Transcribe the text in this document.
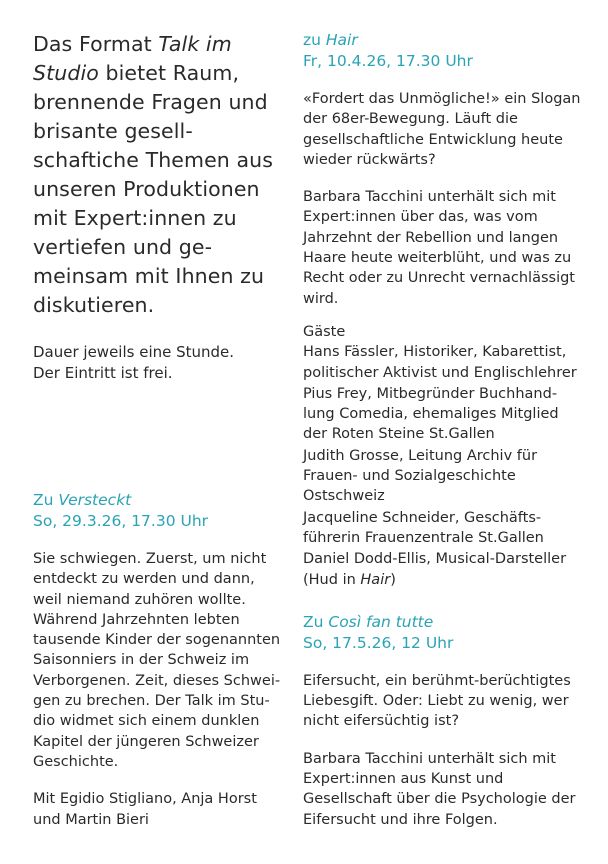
Das Format Talk im Studio bietet Raum, brennende Fragen und brisante gesellschaftiche Themen aus unseren Produktionen mit Expert:innen zu vertiefen und gemeinsam mit Ihnen zu diskutieren.

Dauer jeweils eine Stunde.
Der Eintritt ist frei.

Zu Versteckt

So, 29.3.26, 17.30 Uhr

Sie schwiegen. Zuerst, um nicht entdeckt zu werden und dann, weil niemand zuhören wollte. Während Jahrzehnten lebten tausende Kinder der sogenannten Saisonniers in der Schweiz im Verborgenen. Zeit, dieses Schweigen zu brechen. Der Talk im Studio widmet sich einem dunklen Kapitel der jüngeren Schweizer Geschichte.

Mit Egidio Stigliano, Anja Horst und Martin Bieri

zu Hair

Fr, 10.4.26, 17.30 Uhr

«Fordert das Unmögliche!» ein Slogan der 68er-Bewegung. Läuft die gesellschaftliche Entwicklung heute wieder rückwärts?

Barbara Tacchini unterhält sich mit Expert:innen über das, was vom Jahrzehnt der Rebellion und langen Haare heute weiterblüht, und was zu Recht oder zu Unrecht vernachlässigt wird.

Gäste

Hans Fässler, Historiker, Kabarettist, politischer Aktivist und Englischlehrer

Pius Frey, Mitbegründer Buchhandlung Comedia, ehemaliges Mitglied der Roten Steine St.Gallen

Judith Grosse, Leitung Archiv für Frauen- und Sozialgeschichte Ostschweiz

Jacqueline Schneider, Geschäftsführerin Frauenzentrale St.Gallen

Daniel Dodd-Ellis, Musical-Darsteller (Hud in Hair)

Zu Così fan tutte

So, 17.5.26, 12 Uhr

Eifersucht, ein berühmt-berüchtigtes Liebesgift. Oder: Liebt zu wenig, wer nicht eifersüchtig ist?

Barbara Tacchini unterhält sich mit Expert:innen aus Kunst und Gesellschaft über die Psychologie der Eifersucht und ihre Folgen.
